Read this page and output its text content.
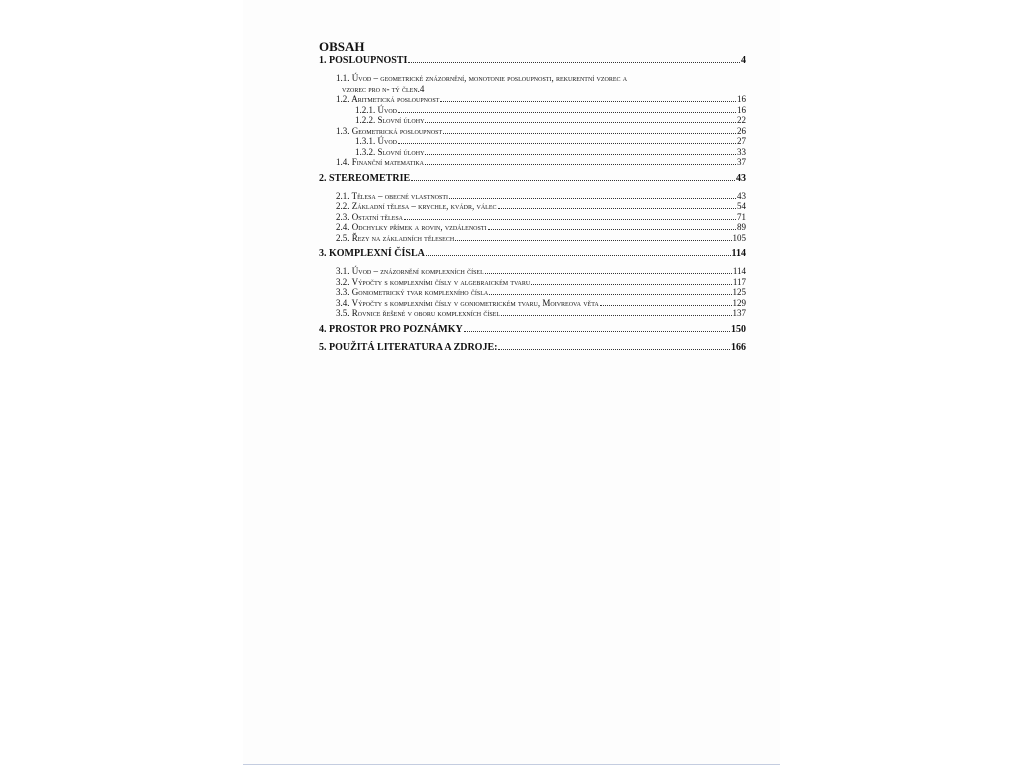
OBSAH
1. POSLOUPNOSTI	4
1.1. Úvod – geometrické znázornění, monotonie posloupnosti, rekurentní vzorec a
vzorec pro n- tý člen. 4
1.2. Aritmetická posloupnost	16
1.2.1. Úvod	16
1.2.2. Slovní úlohy	22
1.3. Geometrická posloupnost	26
1.3.1. Úvod	27
1.3.2. Slovní úlohy	33
1.4. Finanční matematika	37
2. STEREOMETRIE	43
2.1. Tělesa – obecné vlastnosti	43
2.2. Základní tělesa – krychle, kvádr, válec	54
2.3. Ostatní tělesa	71
2.4. Odchylky přímek a rovin, vzdálenosti	89
2.5. Řezy na základních tělesech	105
3. KOMPLEXNÍ ČÍSLA	114
3.1. Úvod – znázornění komplexních čísel	114
3.2. Výpočty s komplexními čísly v algebraickém tvaru	117
3.3. Goniometrický tvar komplexního čísla	125
3.4. Výpočty s komplexními čísly v goniometrickém tvaru, Moivreova věta	129
3.5. Rovnice řešené v oboru komplexních čísel	137
4. PROSTOR PRO POZNÁMKY	150
5. POUŽITÁ LITERATURA A ZDROJE:	166
